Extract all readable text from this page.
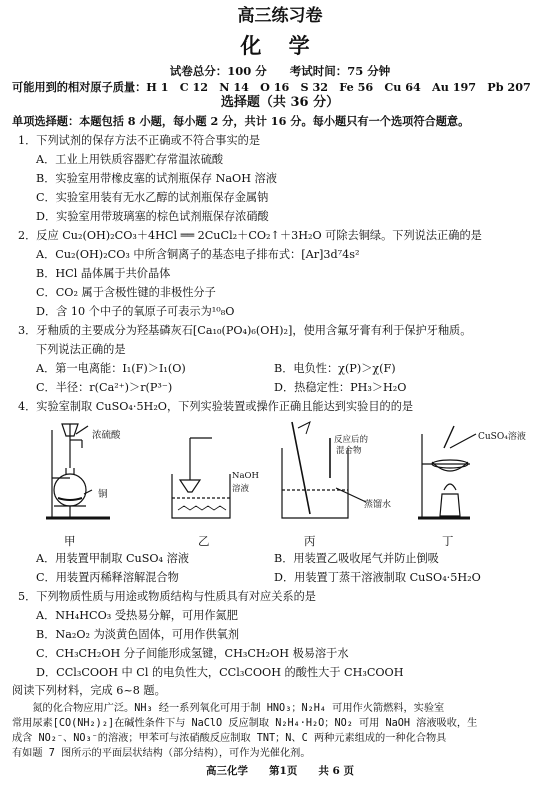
高三练习卷
化 学
试卷总分：100 分　　考试时间：75 分钟
可能用到的相对原子质量：H 1　C 12　N 14　O 16　S 32　Fe 56　Cu 64　Au 197　Pb 207
选择题（共 36 分）
单项选择题：本题包括 8 小题，每小题 2 分，共计 16 分。每小题只有一个选项符合题意。
1．下列试剂的保存方法不正确或不符合事实的是
A．工业上用铁质容器贮存常温浓硫酸
B．实验室用带橡皮塞的试剂瓶保存 NaOH 溶液
C．实验室用装有无水乙醇的试剂瓶保存金属钠
D．实验室用带玻璃塞的棕色试剂瓶保存浓硝酸
2．反应 Cu₂(OH)₂CO₃＋4HCl ══ 2CuCl₂＋CO₂↑＋3H₂O 可除去铜绿。下列说法正确的是
A．Cu₂(OH)₂CO₃ 中所含铜离子的基态电子排布式：[Ar]3d⁷4s²
B．HCl 晶体属于共价晶体
C．CO₂ 属于含极性键的非极性分子
D．含 10 个中子的氧原子可表示为¹⁰₈O
3．牙釉质的主要成分为羟基磷灰石[Ca₁₀(PO₄)₆(OH)₂]，使用含氟牙膏有利于保护牙釉质。
下列说法正确的是
A．第一电离能：I₁(F)＞I₁(O)	B．电负性：χ(P)＞χ(F)
C．半径：r(Ca²⁺)＞r(P³⁻)	D．热稳定性：PH₃＞H₂O
4．实验室制取 CuSO₄·5H₂O，下列实验装置或操作正确且能达到实验目的的是
浓硫酸
铜
NaOH
溶液
反应后的
混合物
蒸馏水
CuSO₄溶液
甲	乙	丙	丁
A．用装置甲制取 CuSO₄ 溶液	B．用装置乙吸收尾气并防止倒吸
C．用装置丙稀释溶解混合物	D．用装置丁蒸干溶液制取 CuSO₄·5H₂O
5．下列物质性质与用途或物质结构与性质具有对应关系的是
A．NH₄HCO₃ 受热易分解，可用作氮肥
B．Na₂O₂ 为淡黄色固体，可用作供氧剂
C．CH₃CH₂OH 分子间能形成氢键，CH₃CH₂OH 极易溶于水
D．CCl₃COOH 中 Cl 的电负性大，CCl₃COOH 的酸性大于 CH₃COOH
阅读下列材料，完成 6~8 题。
　　氮的化合物应用广泛。NH₃ 经一系列氧化可用于制 HNO₃；N₂H₄ 可用作火箭燃料，实验室
常用尿素[CO(NH₂)₂]在碱性条件下与 NaClO 反应制取 N₂H₄·H₂O；NO₂ 可用 NaOH 溶液吸收，生
成含 NO₂⁻、NO₃⁻的溶液；甲苯可与浓硝酸反应制取 TNT；N、C 两种元素组成的一种化合物具
有如题 7 图所示的平面层状结构（部分结构），可作为光催化剂。
高三化学　　第1页　　共 6 页
